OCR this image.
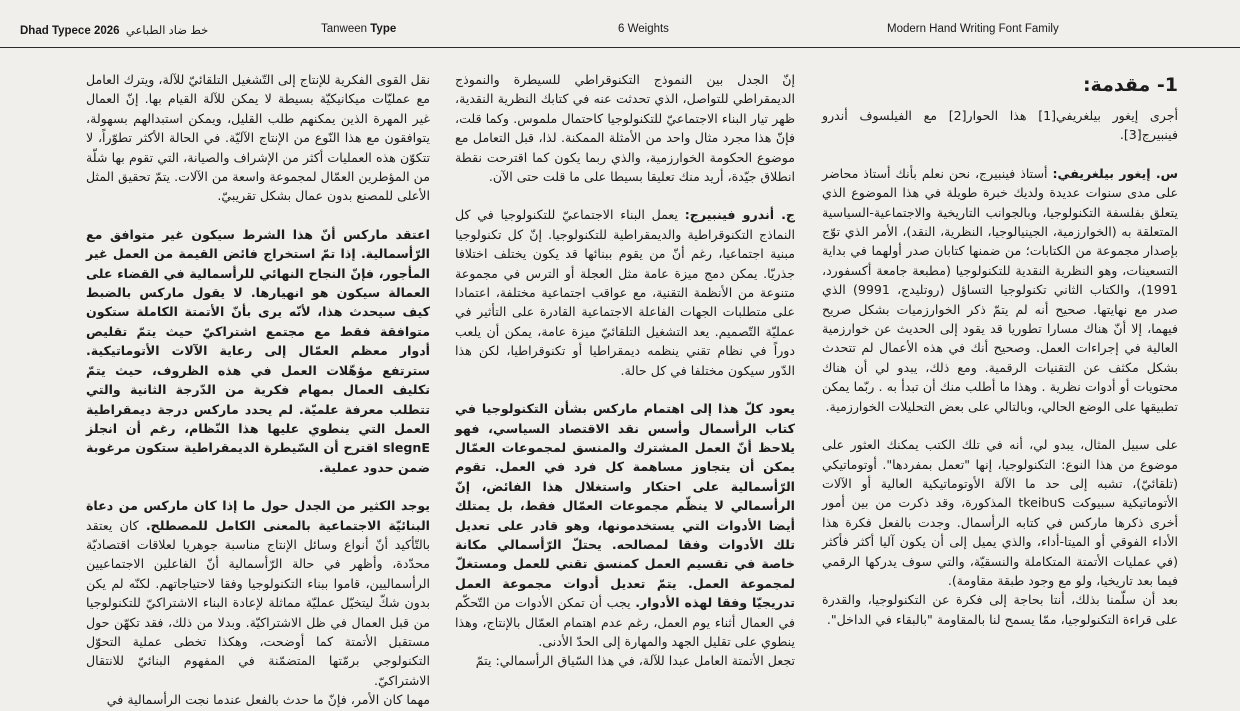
Dhad Typece 2026 خط ضاد الطباعي	Tanween Type	6 Weights	Modern Hand Writing Font Family
1- مقدمة:

أجرى إيغور بيلغريفي[1] هذا الحوار[2] مع الفيلسوف أندرو فينبيرج[3].

س. إيغور بيلغريفي: أستاذ فينبيرج، نحن نعلم بأنك أستاذ محاضر على مدى سنوات عديدة ولديك خبرة طويلة في هذا الموضوع الذي يتعلق بفلسفة التكنولوجيا، وبالجوانب التاريخية والاجتماعية-السياسية المتعلقة به (الخوارزمية، الجينيالوجيا، النظرية، النقد)، الأمر الذي توّج بإصدار مجموعة من الكتابات؛ من ضمنها كتابان صدر أولهما في بداية التسعينات، وهو النظرية النقدية للتكنولوجيا (مطبعة جامعة أكسفورد، 1991)، والكتاب الثاني تكنولوجيا التساؤل (روتليدج، 9991) الذي صدر مع نهايتها. صحيح أنه لم يتمّ ذكر الخوارزميات بشكل صريح فيهما، إلا أنّ هناك مسارا تطوريا قد يقود إلى الحديث عن خوارزمية العالية في إجراءات العمل. وصحيح أنك في هذه الأعمال لم تتحدث بشكل مكثف عن التقنيات الرقمية. ومع ذلك، يبدو لي أن هناك محتويات أو أدوات نظرية . وهذا ما أطلب منك أن تبدأ به . ربّما يمكن تطبيقها على الوضع الحالي، وبالتالي على بعض التحليلات الخوارزمية.

على سبيل المثال، يبدو لي، أنه في تلك الكتب يمكنك العثور على موضوع من هذا النوع: التكنولوجيا، إنها "تعمل بمفردها". أوتوماتيكي (تلقائيّ)، تشبه إلى حد ما الآلة الأوتوماتيكية العالية أو الآلات الأتوماتيكية سبيوكت tkeibuS المذكورة، وقد ذكرت من بين أمور أخرى ذكرها ماركس في كتابه الرأسمال. وجدت بالفعل فكرة هذا الأداء الفوقي أو الميتا-أداء، والذي يميل إلى أن يكون آليا أكثر فأكثر (في عمليات الأتمتة المتكاملة والنسقيّة، والتي سوف يدركها الرقمي فيما بعد تاريخيا، ولو مع وجود طبقة مقاومة).

بعد أن سلّمنا بذلك، أنتا بحاجة إلى فكرة عن التكنولوجيا، والقدرة على قراءة التكنولوجيا، ممّا يسمح لنا بالمقاومة "بالبقاء في الداخل".

إنّ الجدل بين النموذج التكنوقراطي للسيطرة والنموذج الديمقراطي للتواصل، الذي تحدثت عنه في كتابك النظرية النقدية، ظهر تيار البناء الاجتماعيّ للتكنولوجيا كاحتمال ملموس. وكما قلت، فإنّ هذا مجرد مثال واحد من الأمثلة الممكنة. لذا، قبل التعامل مع موضوع الحكومة الخوارزمية، والذي ربما يكون كما اقترحت نقطة انطلاق جيّدة، أريد منك تعليقا بسيطا على ما قلت حتى الآن.

ج. أندرو فينبيرج: يعمل البناء الاجتماعيّ للتكنولوجيا في كل النماذج التكنوقراطية والديمقراطية للتكنولوجيا. إنّ كل تكنولوجيا مبنية اجتماعيا، رغم أنّ من يقوم ببنائها قد يكون يختلف اختلافا جذريّا. يمكن دمج ميزة عامة مثل العجلة أو الترس في مجموعة متنوعة من الأنظمة التقنية، مع عواقب اجتماعية مختلفة، اعتمادا على متطلبات الجهات الفاعلة الاجتماعية القادرة على التأثير في عمليّة التّصميم. يعد التشغيل التلقائيّ ميزة عامة، يمكن أن يلعب دوراً في نظام تقني ينظمه ديمقراطيا أو تكنوقراطيا، لكن هذا الدّور سيكون مختلفا في كل حالة.

يعود كلّ هذا إلى اهتمام ماركس بشأن التكنولوجيا في كتاب الرأسمال وأسس نقد الاقتصاد السياسي، فهو يلاحظ أنّ العمل المشترك والمنسق لمجموعات العمّال يمكن أن يتجاوز مساهمة كل فرد في العمل. تقوم الرّأسمالية على احتكار واستغلال هذا الفائض، إنّ الرأسمالي لا ينظّم مجموعات العمّال فقط، بل يمتلك أيضا الأدوات التي يستخدمونها، وهو قادر على تعديل تلك الأدوات وفقا لمصالحه. يحتلّ الرّأسمالي مكانة خاصة في تقسيم العمل كمنسق تقني للعمل ومستغلّ لمجموعة العمل. يتمّ تعديل أدوات مجموعة العمل تدريجيّا وفقا لهذه الأدوار. يجب أن تمكن الأدوات من التّحكّم في العمال أثناء يوم العمل، رغم عدم اهتمام العمّال بالإنتاج، وهذا ينطوي على تقليل الجهد والمهارة إلى الحدّ الأدنى.

تجعل الأتمتة العامل عبدا للآلة، في هذا السّياق الرأسمالي: يتمّ

نقل القوى الفكرية للإنتاج إلى التّشغيل التلقائيّ للآلة، ويترك العامل مع عمليّات ميكانيكيّة بسيطة لا يمكن للآلة القيام بها. إنّ العمال غير المهرة الذين يمكنهم طلب القليل، ويمكن استبدالهم بسهولة، يتوافقون مع هذا النّوع من الإنتاج الآليّة. في الحالة الأكثر تطوّراً، لا تتكوّن هذه العمليات أكثر من الإشراف والصيانة، التي تقوم بها شلّة من المؤطرين العمّال لمجموعة واسعة من الآلات. يتمّ تحقيق المثل الأعلى للمصنع بدون عمال بشكل تقريبيّ.

اعتقد ماركس أنّ هذا الشرط سيكون غير متوافق مع الرّأسمالية. إذا تمّ استخراج فائض القيمة من العمل غير المأجور، فإنّ النجاح النهائي للرأسمالية في القضاء على العمالة سيكون هو انهيارها. لا يقول ماركس بالضبط كيف سيحدث هذا، لأنّه يرى بأنّ الأتمتة الكاملة ستكون متوافقة فقط مع مجتمع اشتراكيّ حيث يتمّ تقليص أدوار معظم العمّال إلى رعاية الآلات الأتوماتيكية. سترتفع مؤهّلات العمل في هذه الظروف، حيث يتمّ تكليف العمال بمهام فكرية من الدّرجة الثانية والتي تتطلب معرفة علميّة. لم يحدد ماركس درجة ديمقراطية العمل التي ينطوي عليها هذا النّظام، رغم أن انجلز slegnE اقترح أن السّيطرة الديمقراطية ستكون مرغوبة ضمن حدود عملية.

يوجد الكثير من الجدل حول ما إذا كان ماركس من دعاة البنائيّة الاجتماعية بالمعنى الكامل للمصطلح. كان يعتقد بالتّأكيد أنّ أنواع وسائل الإنتاج مناسبة جوهريا لعلاقات اقتصاديّة محدّدة، وأظهر في حالة الرّأسمالية أنّ الفاعلين الاجتماعيين الرأسماليين، قاموا ببناء التكنولوجيا وفقا لاحتياجاتهم. لكنّه لم يكن بدون شكّ ليتخيّل عمليّة مماثلة لإعادة البناء الاشتراكيّ للتكنولوجيا من قبل العمال في ظل الاشتراكيّة. وبدلا من ذلك، فقد تكهّن حول مستقبل الأتمتة كما أوضحت، وهكذا تخطى عملية التحوّل التكنولوجي برمّتها المتضمّنة في المفهوم البنائيّ للانتقال الاشتراكيّ.

مهما كان الأمر، فإنّ ما حدث بالفعل عندما نجت الرأسمالية في
